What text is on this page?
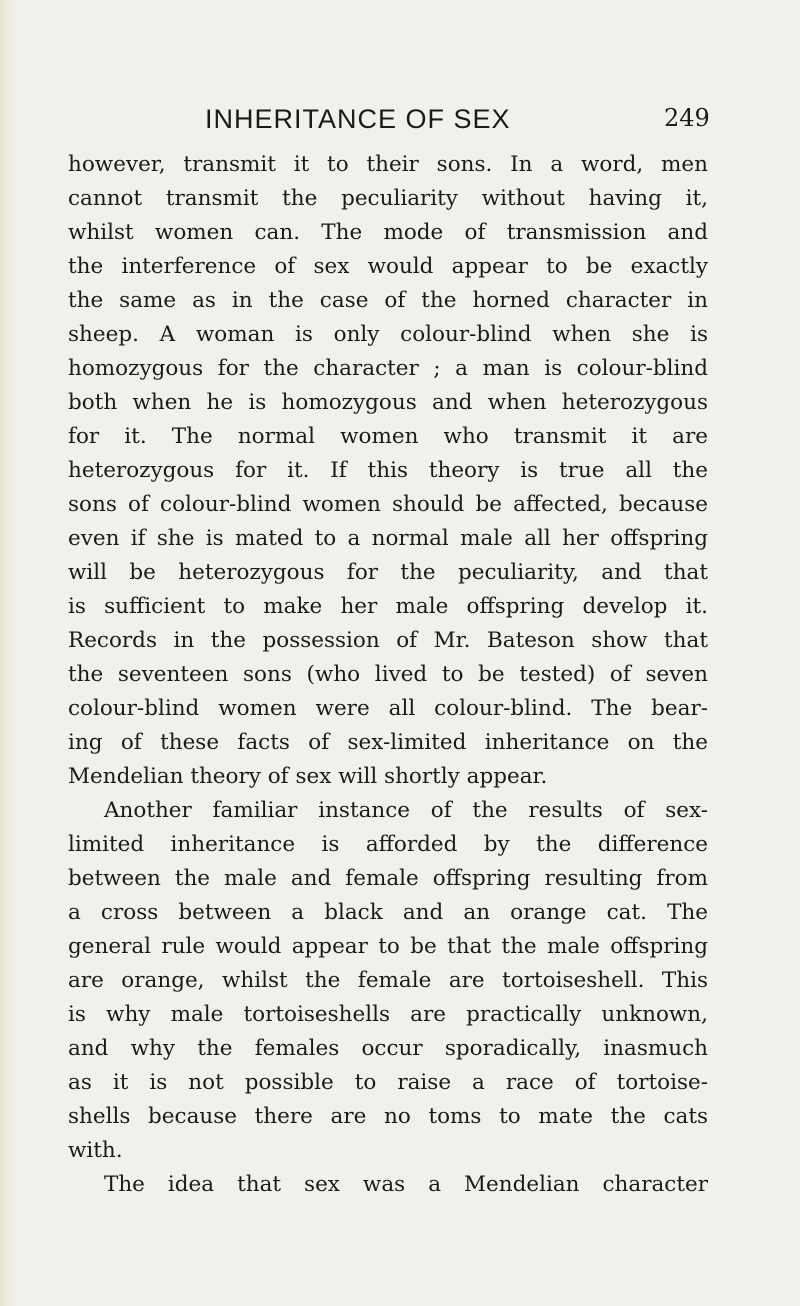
INHERITANCE OF SEX	249
however, transmit it to their sons. In a word, men
cannot transmit the peculiarity without having it,
whilst women can. The mode of transmission and
the interference of sex would appear to be exactly
the same as in the case of the horned character in
sheep. A woman is only colour-blind when she is
homozygous for the character ; a man is colour-blind
both when he is homozygous and when heterozygous
for it. The normal women who transmit it are
heterozygous for it. If this theory is true all the
sons of colour-blind women should be affected, because
even if she is mated to a normal male all her offspring
will be heterozygous for the peculiarity, and that
is sufficient to make her male offspring develop it.
Records in the possession of Mr. Bateson show that
the seventeen sons (who lived to be tested) of seven
colour-blind women were all colour-blind. The bear-
ing of these facts of sex-limited inheritance on the
Mendelian theory of sex will shortly appear.
Another familiar instance of the results of sex-
limited inheritance is afforded by the difference
between the male and female offspring resulting from
a cross between a black and an orange cat. The
general rule would appear to be that the male offspring
are orange, whilst the female are tortoiseshell. This
is why male tortoiseshells are practically unknown,
and why the females occur sporadically, inasmuch
as it is not possible to raise a race of tortoise-
shells because there are no toms to mate the cats
with.
The idea that sex was a Mendelian character
